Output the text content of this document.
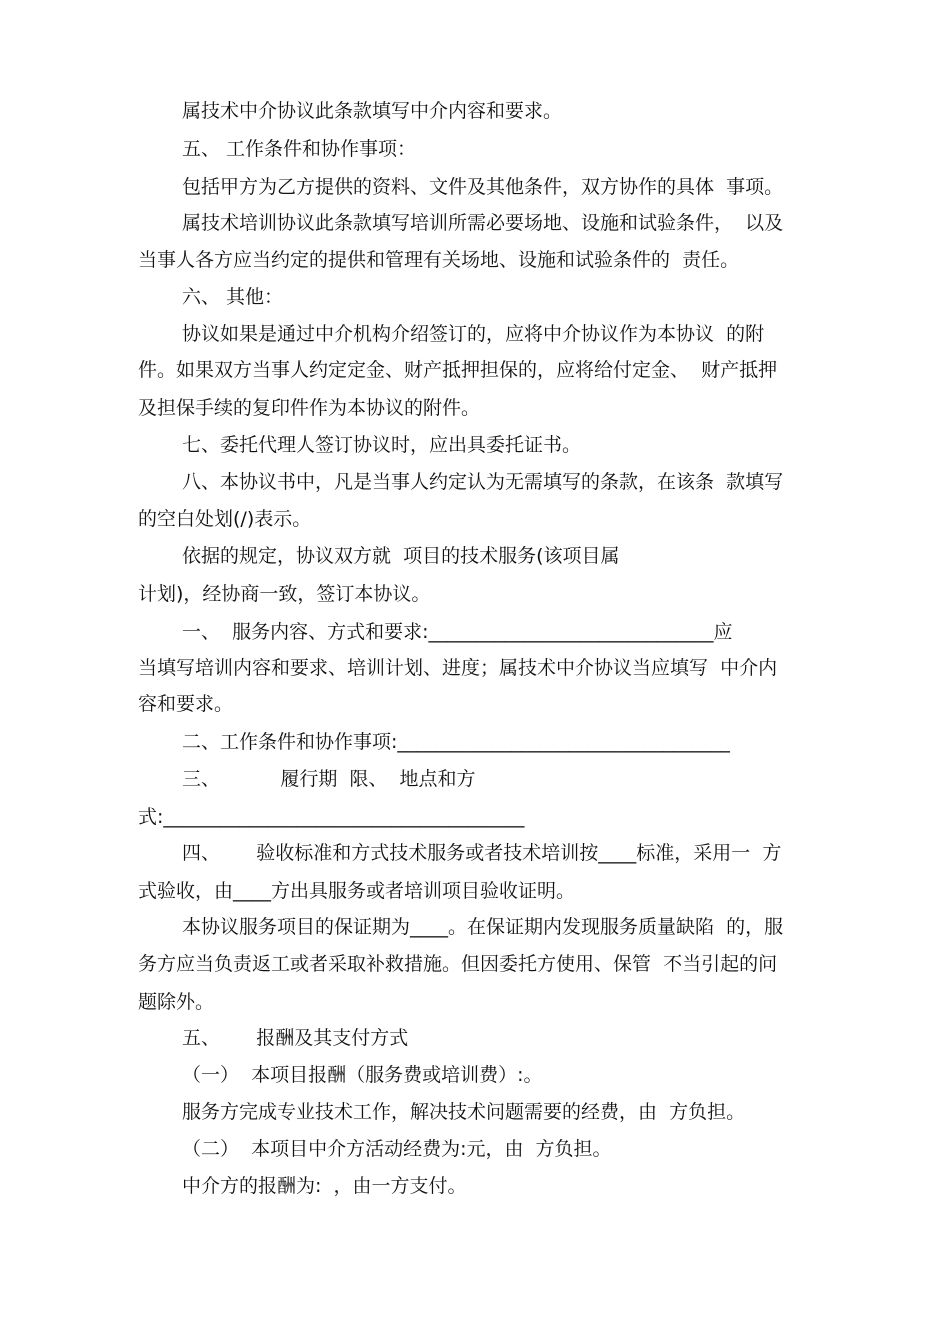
属技术中介协议此条款填写中介内容和要求。

五、 工作条件和协作事项：

包括甲方为乙方提供的资料、文件及其他条件，双方协作的具体  事项。

属技术培训协议此条款填写培训所需必要场地、设施和试验条件，  以及

当事人各方应当约定的提供和管理有关场地、设施和试验条件的  责任。

六、 其他：

协议如果是通过中介机构介绍签订的，应将中介协议作为本协议  的附

件。如果双方当事人约定定金、财产抵押担保的，应将给付定金、  财产抵押

及担保手续的复印件作为本协议的附件。

七、委托代理人签订协议时，应出具委托证书。

八、本协议书中，凡是当事人约定认为无需填写的条款，在该条  款填写

的空白处划(/)表示。

依据的规定，协议双方就  项目的技术服务(该项目属

计划)，经协商一致，签订本协议。

一、  服务内容、方式和要求:______________________________应

当填写培训内容和要求、培训计划、进度；属技术中介协议当应填写  中介内

容和要求。

二、工作条件和协作事项:___________________________________

三、          履行期  限、  地点和方

式:______________________________________

四、      验收标准和方式技术服务或者技术培训按____标准，采用一  方

式验收，由____方出具服务或者培训项目验收证明。

本协议服务项目的保证期为____。在保证期内发现服务质量缺陷  的，服

务方应当负责返工或者采取补救措施。但因委托方使用、保管  不当引起的问

题除外。

五、      报酬及其支付方式

（一）  本项目报酬（服务费或培训费）:。

服务方完成专业技术工作，解决技术问题需要的经费，由  方负担。

（二）  本项目中介方活动经费为:元，由  方负担。

中介方的报酬为:  ，由一方支付。
